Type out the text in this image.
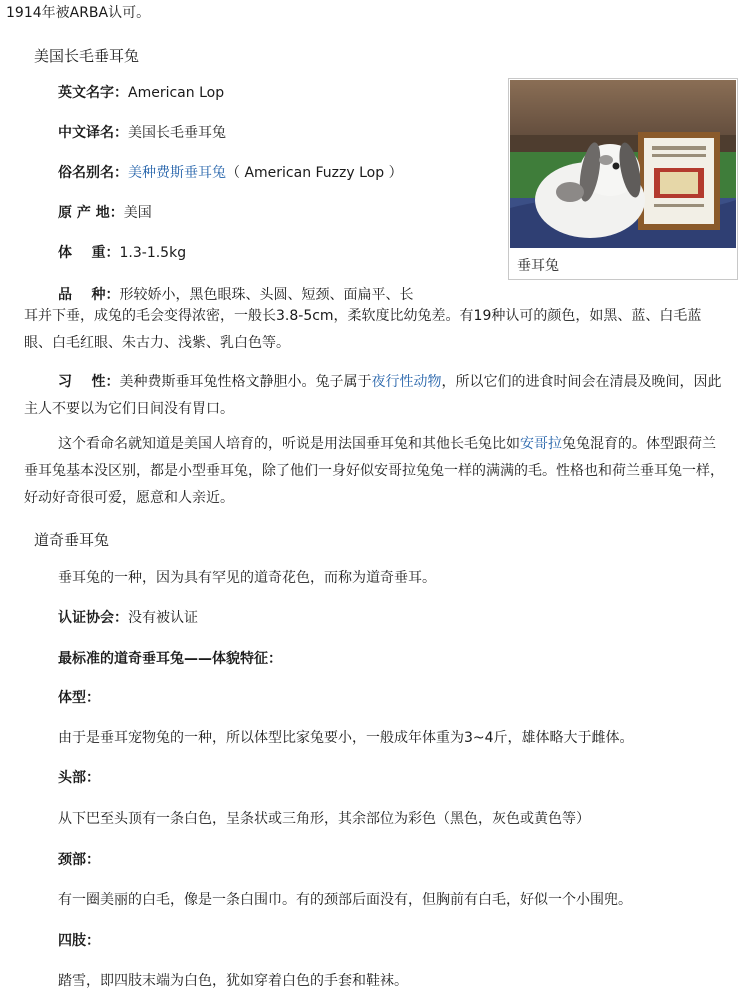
1914年被ARBA认可。
美国长毛垂耳兔
英文名字：American Lop
中文译名：美国长毛垂耳兔
俗名别名：美种费斯垂耳兔（ American Fuzzy Lop ）
原 产 地：美国
体    重：1.3-1.5kg
品    种：形较娇小，黑色眼珠、头圆、短颈、面扁平、长
耳并下垂，成兔的毛会变得浓密，一般长3.8-5cm，柔软度比幼兔差。有19种认可的颜色，如黑、蓝、白毛蓝眼、白毛红眼、朱古力、浅紫、乳白色等。
习    性：美种费斯垂耳兔性格文静胆小。兔子属于夜行性动物，所以它们的进食时间会在清晨及晚间，因此主人不要以为它们日间没有胃口。
这个看命名就知道是美国人培育的，听说是用法国垂耳兔和其他长毛兔比如安哥拉兔兔混育的。体型跟荷兰垂耳兔基本没区别，都是小型垂耳兔，除了他们一身好似安哥拉兔兔一样的满满的毛。性格也和荷兰垂耳兔一样，好动好奇很可爱，愿意和人亲近。
垂耳兔
道奇垂耳兔
垂耳兔的一种，因为具有罕见的道奇花色，而称为道奇垂耳。
认证协会：没有被认证
最标准的道奇垂耳兔——体貌特征：
体型：
由于是垂耳宠物兔的一种，所以体型比家兔要小，一般成年体重为3~4斤，雄体略大于雌体。
头部：
从下巴至头顶有一条白色，呈条状或三角形，其余部位为彩色（黑色，灰色或黄色等）
颈部：
有一圈美丽的白毛，像是一条白围巾。有的颈部后面没有，但胸前有白毛，好似一个小围兜。
四肢：
踏雪，即四肢末端为白色，犹如穿着白色的手套和鞋袜。
